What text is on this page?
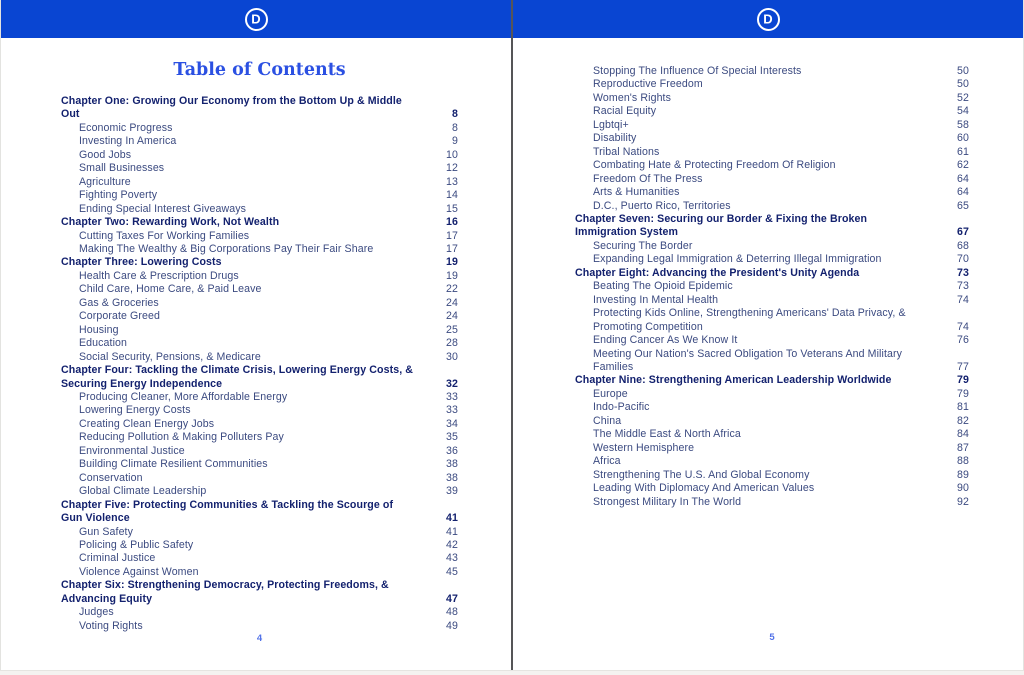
D
Table of Contents
Chapter One: Growing Our Economy from the Bottom Up & Middle Out	8
Economic Progress	8
Investing In America	9
Good Jobs	10
Small Businesses	12
Agriculture	13
Fighting Poverty	14
Ending Special Interest Giveaways	15
Chapter Two: Rewarding Work, Not Wealth	16
Cutting Taxes For Working Families	17
Making The Wealthy & Big Corporations Pay Their Fair Share	17
Chapter Three: Lowering Costs	19
Health Care & Prescription Drugs	19
Child Care, Home Care, & Paid Leave	22
Gas & Groceries	24
Corporate Greed	24
Housing	25
Education	28
Social Security, Pensions, & Medicare	30
Chapter Four: Tackling the Climate Crisis, Lowering Energy Costs, & Securing Energy Independence	32
Producing Cleaner, More Affordable Energy	33
Lowering Energy Costs	33
Creating Clean Energy Jobs	34
Reducing Pollution & Making Polluters Pay	35
Environmental Justice	36
Building Climate Resilient Communities	38
Conservation	38
Global Climate Leadership	39
Chapter Five: Protecting Communities & Tackling the Scourge of Gun Violence	41
Gun Safety	41
Policing & Public Safety	42
Criminal Justice	43
Violence Against Women	45
Chapter Six: Strengthening Democracy, Protecting Freedoms, & Advancing Equity	47
Judges	48
Voting Rights	49
4
D
Stopping The Influence Of Special Interests	50
Reproductive Freedom	50
Women's Rights	52
Racial Equity	54
Lgbtqi+	58
Disability	60
Tribal Nations	61
Combating Hate & Protecting Freedom Of Religion	62
Freedom Of The Press	64
Arts & Humanities	64
D.C., Puerto Rico, Territories	65
Chapter Seven: Securing our Border & Fixing the Broken Immigration System	67
Securing The Border	68
Expanding Legal Immigration & Deterring Illegal Immigration	70
Chapter Eight: Advancing the President's Unity Agenda	73
Beating The Opioid Epidemic	73
Investing In Mental Health	74
Protecting Kids Online, Strengthening Americans' Data Privacy, & Promoting Competition	74
Ending Cancer As We Know It	76
Meeting Our Nation's Sacred Obligation To Veterans And Military Families	77
Chapter Nine: Strengthening American Leadership Worldwide	79
Europe	79
Indo-Pacific	81
China	82
The Middle East & North Africa	84
Western Hemisphere	87
Africa	88
Strengthening The U.S. And Global Economy	89
Leading With Diplomacy And American Values	90
Strongest Military In The World	92
5
